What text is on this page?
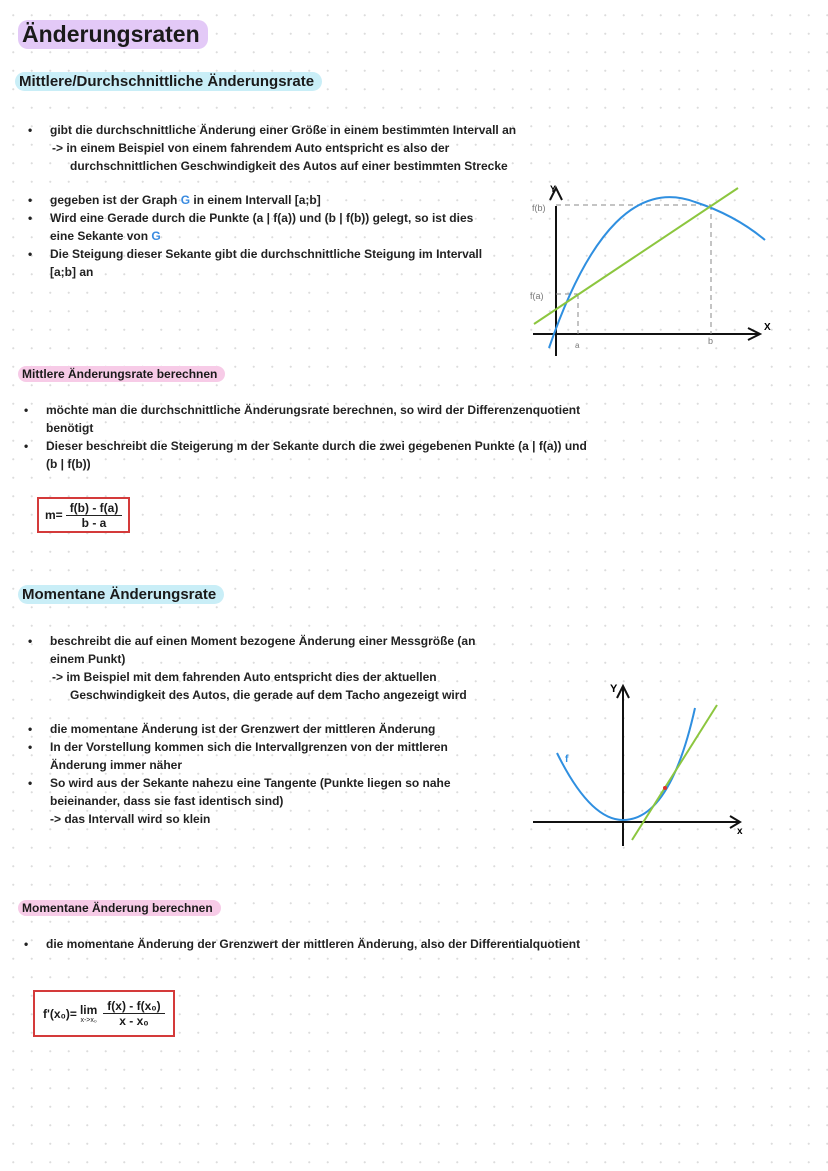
Änderungsraten
Mittlere/Durchschnittliche Änderungsrate
• gibt die durchschnittliche Änderung einer Größe in einem bestimmten Intervall an
-> in einem Beispiel von einem fahrendem Auto entspricht es also der durchschnittlichen Geschwindigkeit des Autos auf einer bestimmten Strecke
• gegeben ist der Graph G in einem Intervall [a;b]
• Wird eine Gerade durch die Punkte (a | f(a)) und (b | f(b)) gelegt, so ist dies eine Sekante von G
• Die Steigung dieser Sekante gibt die durchschnittliche Steigung im Intervall [a;b] an
Y
X
f(b)
f(a)
a	b
Mittlere Änderungsrate berechnen
• möchte man die durchschnittliche Änderungsrate berechnen, so wird der Differenzenquotient benötigt
• Dieser beschreibt die Steigerung m der Sekante durch die zwei gegebenen Punkte (a | f(a)) und (b | f(b))
$m= \frac{f(b) - f(a)}{b - a}$
Momentane Änderungsrate
• beschreibt die auf einen Moment bezogene Änderung einer Messgröße (an einem Punkt)
-> im Beispiel mit dem fahrenden Auto entspricht dies der aktuellen Geschwindigkeit des Autos, die gerade auf dem Tacho angezeigt wird
• die momentane Änderung ist der Grenzwert der mittleren Änderung
• In der Vorstellung kommen sich die Intervallgrenzen von der mittleren Änderung immer näher
• So wird aus der Sekante nahezu eine Tangente (Punkte liegen so nahe beieinander, dass sie fast identisch sind)
-> das Intervall wird so klein
Y
x
f
Momentane Änderung berechnen
• die momentane Änderung der Grenzwert der mittleren Änderung, also der Differentialquotient
f'(x₀)= lim
$x->x_0 \frac{\text{f(x) - f(x₀)}}{\text{x - x₀}}$
